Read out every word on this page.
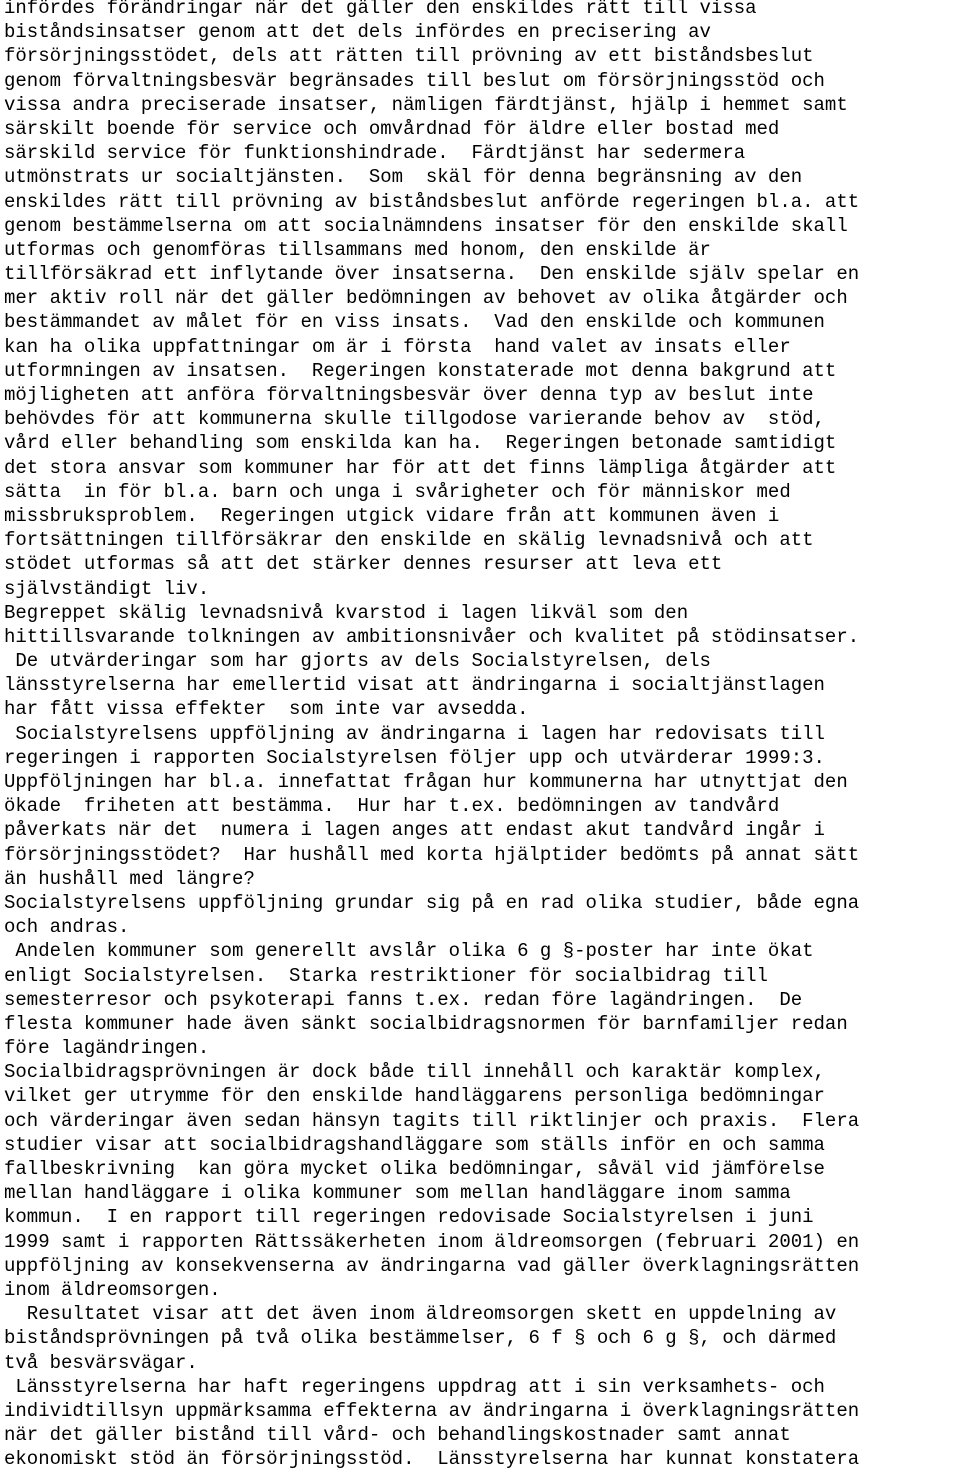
infördes förändringar när det gäller den enskildes rätt till vissa
biståndsinsatser genom att det dels infördes en precisering av
försörjningsstödet, dels att rätten till prövning av ett biståndsbeslut
genom förvaltningsbesvär begränsades till beslut om försörjningsstöd och
vissa andra preciserade insatser, nämligen färdtjänst, hjälp i hemmet samt
särskilt boende för service och omvårdnad för äldre eller bostad med
särskild service för funktionshindrade.  Färdtjänst har sedermera
utmönstrats ur socialtjänsten.  Som  skäl för denna begränsning av den
enskildes rätt till prövning av biståndsbeslut anförde regeringen bl.a. att
genom bestämmelserna om att socialnämndens insatser för den enskilde skall
utformas och genomföras tillsammans med honom, den enskilde är
tillförsäkrad ett inflytande över insatserna.  Den enskilde själv spelar en
mer aktiv roll när det gäller bedömningen av behovet av olika åtgärder och
bestämmandet av målet för en viss insats.  Vad den enskilde och kommunen
kan ha olika uppfattningar om är i första  hand valet av insats eller
utformningen av insatsen.  Regeringen konstaterade mot denna bakgrund att
möjligheten att anföra förvaltningsbesvär över denna typ av beslut inte
behövdes för att kommunerna skulle tillgodose varierande behov av  stöd,
vård eller behandling som enskilda kan ha.  Regeringen betonade samtidigt
det stora ansvar som kommuner har för att det finns lämpliga åtgärder att
sätta  in för bl.a. barn och unga i svårigheter och för människor med
missbruksproblem.  Regeringen utgick vidare från att kommunen även i
fortsättningen tillförsäkrar den enskilde en skälig levnadsnivå och att
stödet utformas så att det stärker dennes resurser att leva ett
självständigt liv.
Begreppet skälig levnadsnivå kvarstod i lagen likväl som den
hittillsvarande tolkningen av ambitionsnivåer och kvalitet på stödinsatser.
De utvärderingar som har gjorts av dels Socialstyrelsen, dels
länsstyrelserna har emellertid visat att ändringarna i socialtjänstlagen
har fått vissa effekter  som inte var avsedda.
Socialstyrelsens uppföljning av ändringarna i lagen har redovisats till
regeringen i rapporten Socialstyrelsen följer upp och utvärderar 1999:3.
Uppföljningen har bl.a. innefattat frågan hur kommunerna har utnyttjat den
ökade  friheten att bestämma.  Hur har t.ex. bedömningen av tandvård
påverkats när det  numera i lagen anges att endast akut tandvård ingår i
försörjningsstödet?  Har hushåll med korta hjälptider bedömts på annat sätt
än hushåll med längre?
Socialstyrelsens uppföljning grundar sig på en rad olika studier, både egna
och andras.
Andelen kommuner som generellt avslår olika 6 g §-poster har inte ökat
enligt Socialstyrelsen.  Starka restriktioner för socialbidrag till
semesterresor och psykoterapi fanns t.ex. redan före lagändringen.  De
flesta kommuner hade även sänkt socialbidragsnormen för barnfamiljer redan
före lagändringen.
Socialbidragsprövningen är dock både till innehåll och karaktär komplex,
vilket ger utrymme för den enskilde handläggarens personliga bedömningar
och värderingar även sedan hänsyn tagits till riktlinjer och praxis.  Flera
studier visar att socialbidragshandläggare som ställs inför en och samma
fallbeskrivning  kan göra mycket olika bedömningar, såväl vid jämförelse
mellan handläggare i olika kommuner som mellan handläggare inom samma
kommun.  I en rapport till regeringen redovisade Socialstyrelsen i juni
1999 samt i rapporten Rättssäkerheten inom äldreomsorgen (februari 2001) en
uppföljning av konsekvenserna av ändringarna vad gäller överklagningsrätten
inom äldreomsorgen.
Resultatet visar att det även inom äldreomsorgen skett en uppdelning av
biståndsprövningen på två olika bestämmelser, 6 f § och 6 g §, och därmed
två besvärsvägar.
Länsstyrelserna har haft regeringens uppdrag att i sin verksamhets- och
individtillsyn uppmärksamma effekterna av ändringarna i överklagningsrätten
när det gäller bistånd till vård- och behandlingskostnader samt annat
ekonomiskt stöd än försörjningsstöd.  Länsstyrelserna har kunnat konstatera
